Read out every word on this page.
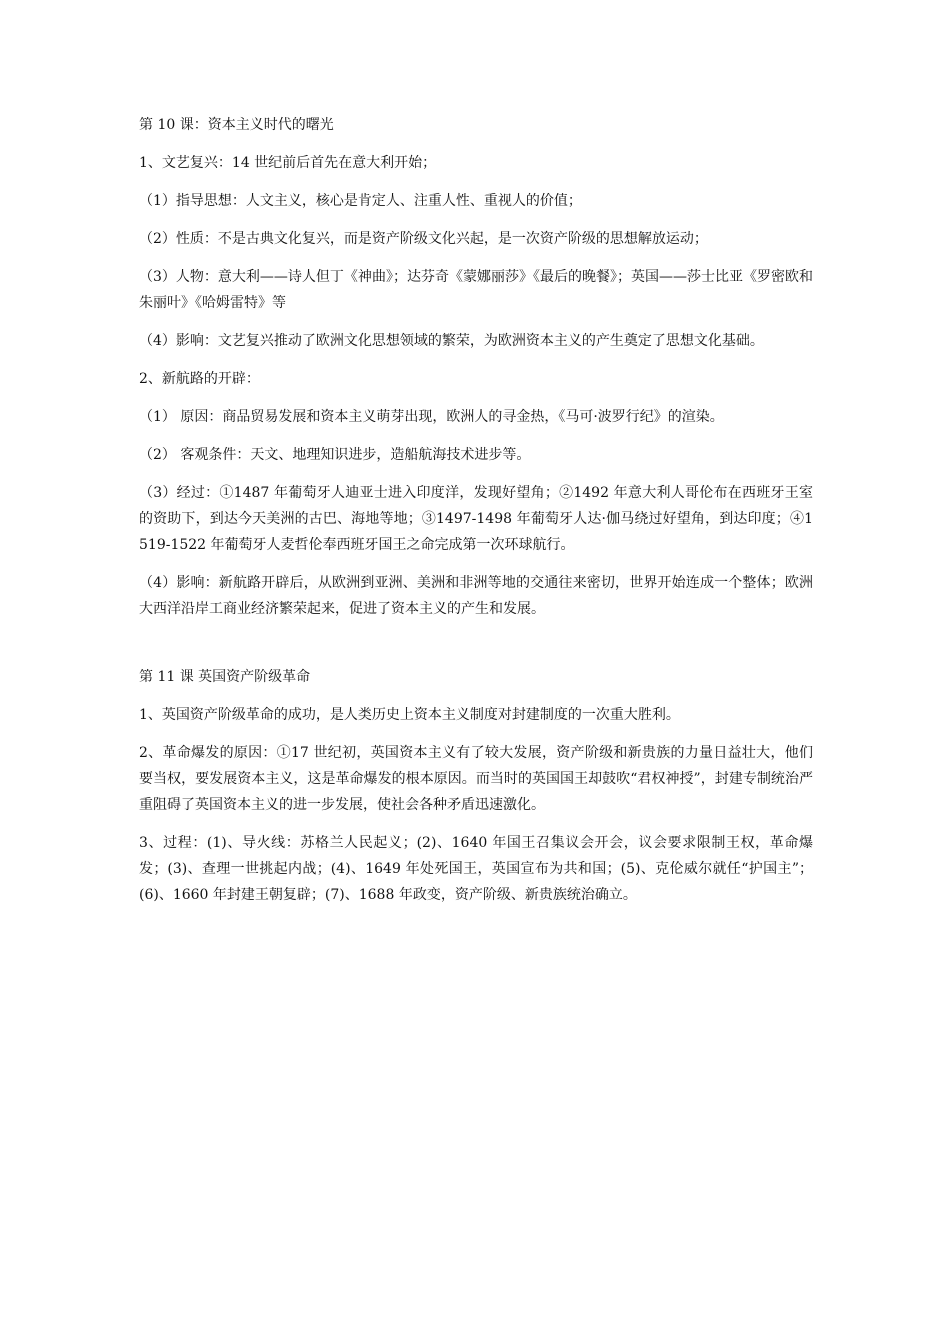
第 10 课：资本主义时代的曙光

1、文艺复兴：14 世纪前后首先在意大利开始；

（1）指导思想：人文主义，核心是肯定人、注重人性、重视人的价值；

（2）性质：不是古典文化复兴，而是资产阶级文化兴起，是一次资产阶级的思想解放运动；

（3）人物：意大利——诗人但丁《神曲》；达芬奇《蒙娜丽莎》《最后的晚餐》；英国——莎士比亚《罗密欧和朱丽叶》《哈姆雷特》等

（4）影响：文艺复兴推动了欧洲文化思想领域的繁荣，为欧洲资本主义的产生奠定了思想文化基础。

2、新航路的开辟：

（1） 原因：商品贸易发展和资本主义萌芽出现，欧洲人的寻金热，《马可·波罗行纪》的渲染。

（2） 客观条件：天文、地理知识进步，造船航海技术进步等。

（3）经过：①1487 年葡萄牙人迪亚士进入印度洋，发现好望角；②1492 年意大利人哥伦布在西班牙王室的资助下，到达今天美洲的古巴、海地等地；③1497-1498 年葡萄牙人达·伽马绕过好望角，到达印度；④1519-1522 年葡萄牙人麦哲伦奉西班牙国王之命完成第一次环球航行。

（4）影响：新航路开辟后，从欧洲到亚洲、美洲和非洲等地的交通往来密切，世界开始连成一个整体；欧洲大西洋沿岸工商业经济繁荣起来，促进了资本主义的产生和发展。

第 11 课 英国资产阶级革命

1、英国资产阶级革命的成功，是人类历史上资本主义制度对封建制度的一次重大胜利。

2、革命爆发的原因：①17 世纪初，英国资本主义有了较大发展，资产阶级和新贵族的力量日益壮大，他们要当权，要发展资本主义，这是革命爆发的根本原因。而当时的英国国王却鼓吹“君权神授”，封建专制统治严重阻碍了英国资本主义的进一步发展，使社会各种矛盾迅速激化。

3、过程：(1)、导火线：苏格兰人民起义；(2)、1640 年国王召集议会开会，议会要求限制王权，革命爆发；(3)、查理一世挑起内战；(4)、1649 年处死国王，英国宣布为共和国；(5)、克伦威尔就任“护国主”；(6)、1660 年封建王朝复辟；(7)、1688 年政变，资产阶级、新贵族统治确立。
